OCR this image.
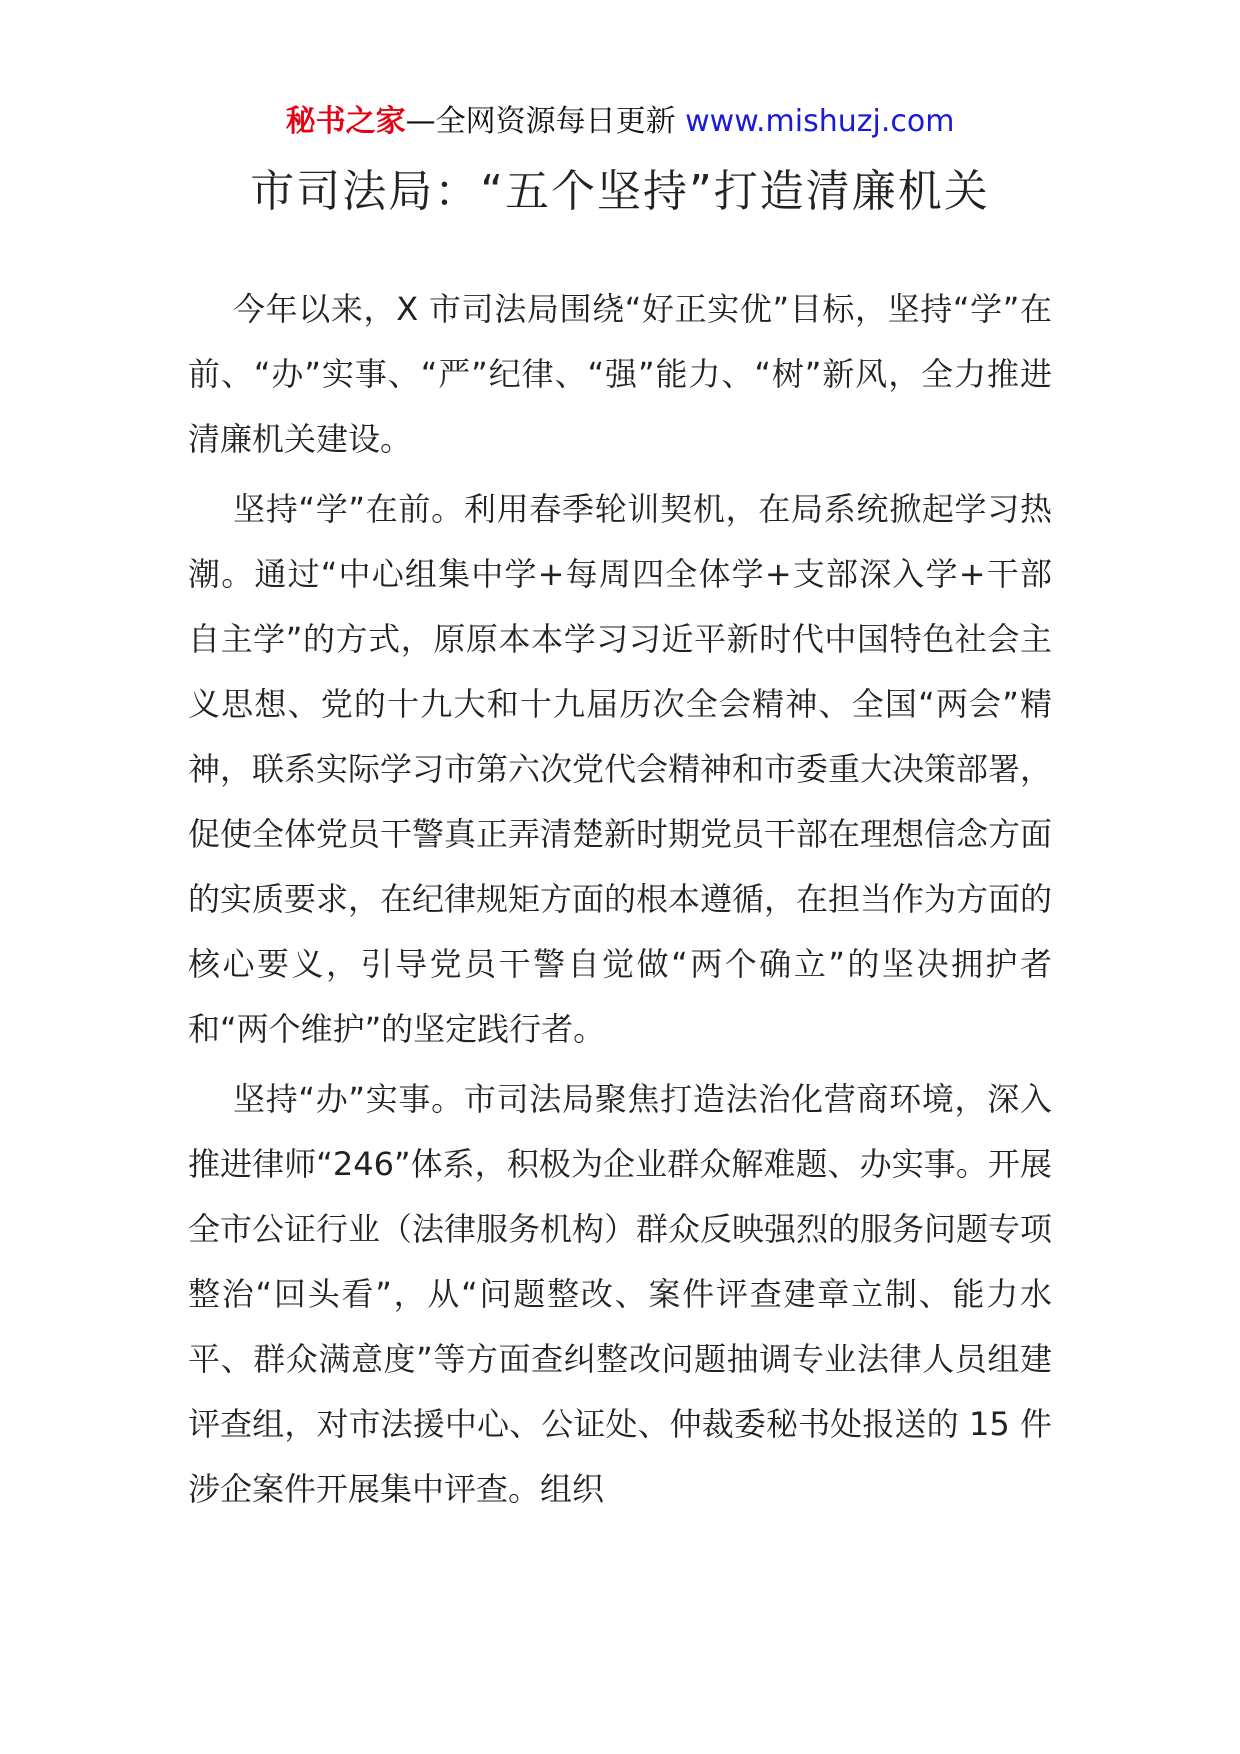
秘书之家—全网资源每日更新 www.mishuzj.com
市司法局：“五个坚持”打造清廉机关

今年以来，X 市司法局围绕“好正实优”目标，坚持“学”在前、“办”实事、“严”纪律、“强”能力、“树”新风，全力推进清廉机关建设。

坚持“学”在前。利用春季轮训契机，在局系统掀起学习热潮。通过“中心组集中学+每周四全体学+支部深入学+干部自主学”的方式，原原本本学习习近平新时代中国特色社会主义思想、党的十九大和十九届历次全会精神、全国“两会”精神，联系实际学习市第六次党代会精神和市委重大决策部署，促使全体党员干警真正弄清楚新时期党员干部在理想信念方面的实质要求，在纪律规矩方面的根本遵循，在担当作为方面的核心要义，引导党员干警自觉做“两个确立”的坚决拥护者和“两个维护”的坚定践行者。

坚持“办”实事。市司法局聚焦打造法治化营商环境，深入推进律师“246”体系，积极为企业群众解难题、办实事。开展全市公证行业（法律服务机构）群众反映强烈的服务问题专项整治“回头看”，从“问题整改、案件评查建章立制、能力水平、群众满意度”等方面查纠整改问题抽调专业法律人员组建评查组，对市法援中心、公证处、仲裁委秘书处报送的 15 件涉企案件开展集中评查。组织
